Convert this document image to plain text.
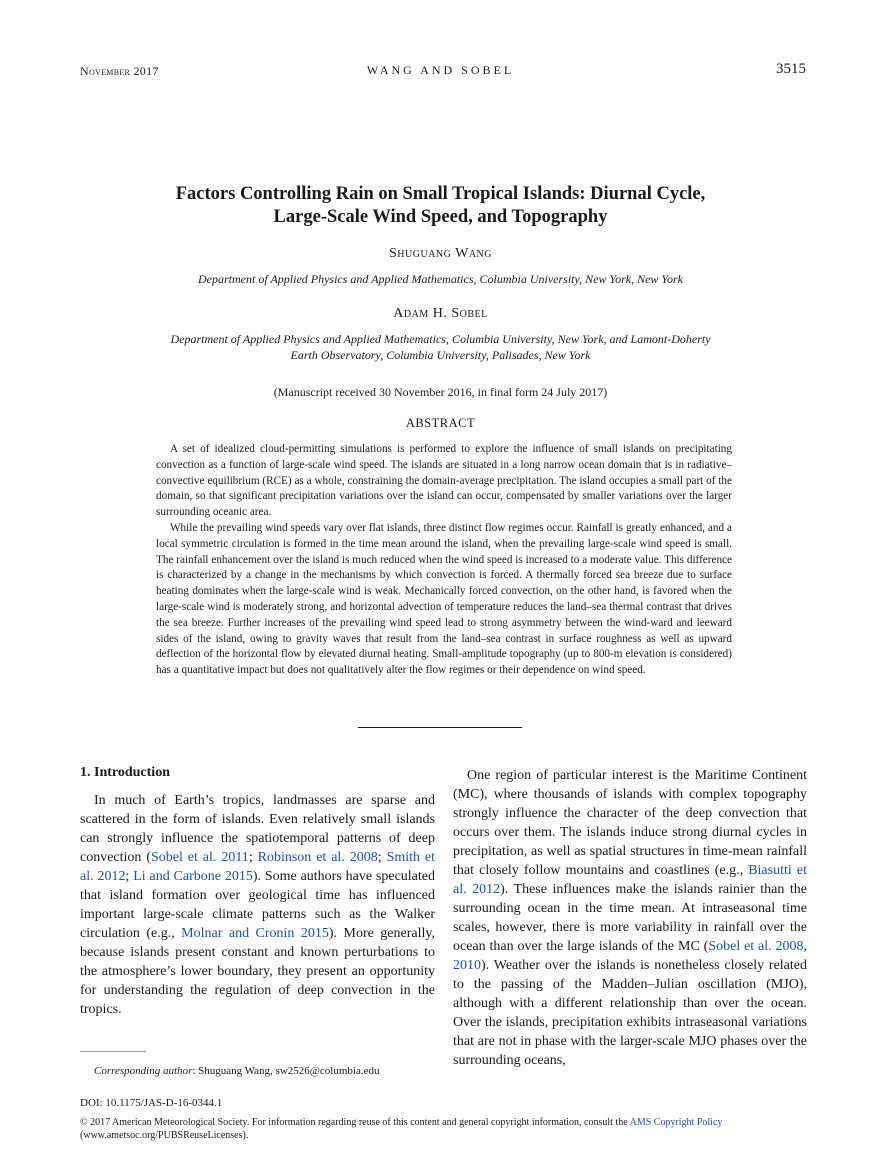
November 2017	WANG AND SOBEL	3515
Factors Controlling Rain on Small Tropical Islands: Diurnal Cycle,
Large-Scale Wind Speed, and Topography
Shuguang Wang
Department of Applied Physics and Applied Mathematics, Columbia University, New York, New York
Adam H. Sobel
Department of Applied Physics and Applied Mathematics, Columbia University, New York, and Lamont-Doherty
Earth Observatory, Columbia University, Palisades, New York
(Manuscript received 30 November 2016, in final form 24 July 2017)
ABSTRACT

A set of idealized cloud-permitting simulations is performed to explore the influence of small islands on precipitating convection as a function of large-scale wind speed. The islands are situated in a long narrow ocean domain that is in radiative–convective equilibrium (RCE) as a whole, constraining the domain-average precipitation. The island occupies a small part of the domain, so that significant precipitation variations over the island can occur, compensated by smaller variations over the larger surrounding oceanic area.

While the prevailing wind speeds vary over flat islands, three distinct flow regimes occur. Rainfall is greatly enhanced, and a local symmetric circulation is formed in the time mean around the island, when the prevailing large-scale wind speed is small. The rainfall enhancement over the island is much reduced when the wind speed is increased to a moderate value. This difference is characterized by a change in the mechanisms by which convection is forced. A thermally forced sea breeze due to surface heating dominates when the large-scale wind is weak. Mechanically forced convection, on the other hand, is favored when the large-scale wind is moderately strong, and horizontal advection of temperature reduces the land–sea thermal contrast that drives the sea breeze. Further increases of the prevailing wind speed lead to strong asymmetry between the wind-ward and leeward sides of the island, owing to gravity waves that result from the land–sea contrast in surface roughness as well as upward deflection of the horizontal flow by elevated diurnal heating. Small-amplitude topography (up to 800-m elevation is considered) has a quantitative impact but does not qualitatively alter the flow regimes or their dependence on wind speed.

1. Introduction

In much of Earth’s tropics, landmasses are sparse and scattered in the form of islands. Even relatively small islands can strongly influence the spatiotemporal patterns of deep convection (Sobel et al. 2011; Robinson et al. 2008; Smith et al. 2012; Li and Carbone 2015). Some authors have speculated that island formation over geological time has influenced important large-scale climate patterns such as the Walker circulation (e.g., Molnar and Cronin 2015). More generally, because islands present constant and known perturbations to the atmosphere’s lower boundary, they present an opportunity for understanding the regulation of deep convection in the tropics.

One region of particular interest is the Maritime Continent (MC), where thousands of islands with complex topography strongly influence the character of the deep convection that occurs over them. The islands induce strong diurnal cycles in precipitation, as well as spatial structures in time-mean rainfall that closely follow mountains and coastlines (e.g., Biasutti et al. 2012). These influences make the islands rainier than the surrounding ocean in the time mean. At intraseasonal time scales, however, there is more variability in rainfall over the ocean than over the large islands of the MC (Sobel et al. 2008, 2010). Weather over the islands is nonetheless closely related to the passing of the Madden–Julian oscillation (MJO), although with a different relationship than over the ocean. Over the islands, precipitation exhibits intraseasonal variations that are not in phase with the larger-scale MJO phases over the surrounding oceans,

Corresponding author: Shuguang Wang, sw2526@columbia.edu
DOI: 10.1175/JAS-D-16-0344.1
© 2017 American Meteorological Society. For information regarding reuse of this content and general copyright information, consult the AMS Copyright Policy (www.ametsoc.org/PUBSReuseLicenses).
